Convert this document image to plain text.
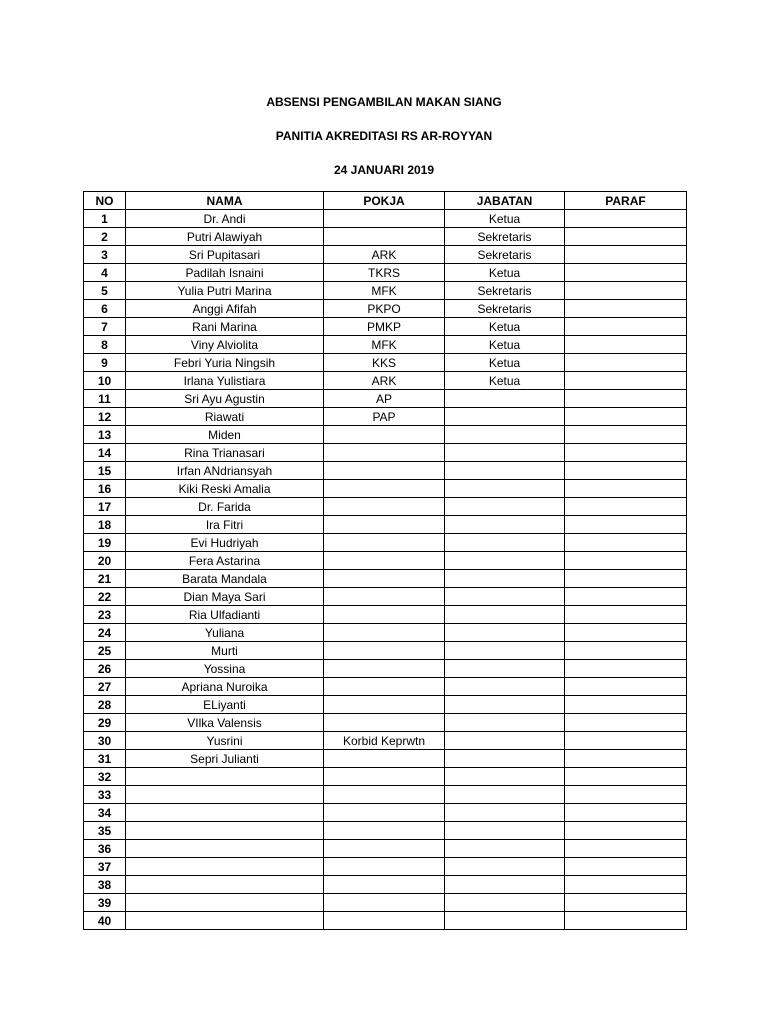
ABSENSI PENGAMBILAN MAKAN SIANG
PANITIA AKREDITASI RS AR-ROYYAN
24 JANUARI 2019
NO	NAMA	POKJA	JABATAN	PARAF
1	Dr. Andi		Ketua	
2	Putri Alawiyah		Sekretaris	
3	Sri Pupitasari	ARK	Sekretaris	
4	Padilah Isnaini	TKRS	Ketua	
5	Yulia Putri Marina	MFK	Sekretaris	
6	Anggi Afifah	PKPO	Sekretaris	
7	Rani Marina	PMKP	Ketua	
8	Viny Alviolita	MFK	Ketua	
9	Febri Yuria Ningsih	KKS	Ketua	
10	Irlana Yulistiara	ARK	Ketua	
11	Sri Ayu Agustin	AP		
12	Riawati	PAP		
13	Miden			
14	Rina Trianasari			
15	Irfan ANdriansyah			
16	Kiki Reski Amalia			
17	Dr. Farida			
18	Ira Fitri			
19	Evi Hudriyah			
20	Fera Astarina			
21	Barata Mandala			
22	Dian Maya Sari			
23	Ria Ulfadianti			
24	Yuliana			
25	Murti			
26	Yossina			
27	Apriana Nuroika			
28	ELiyanti			
29	VIlka Valensis			
30	Yusrini	Korbid Keprwtn		
31	Sepri Julianti			
32				
33				
34				
35				
36				
37				
38				
39				
40				
